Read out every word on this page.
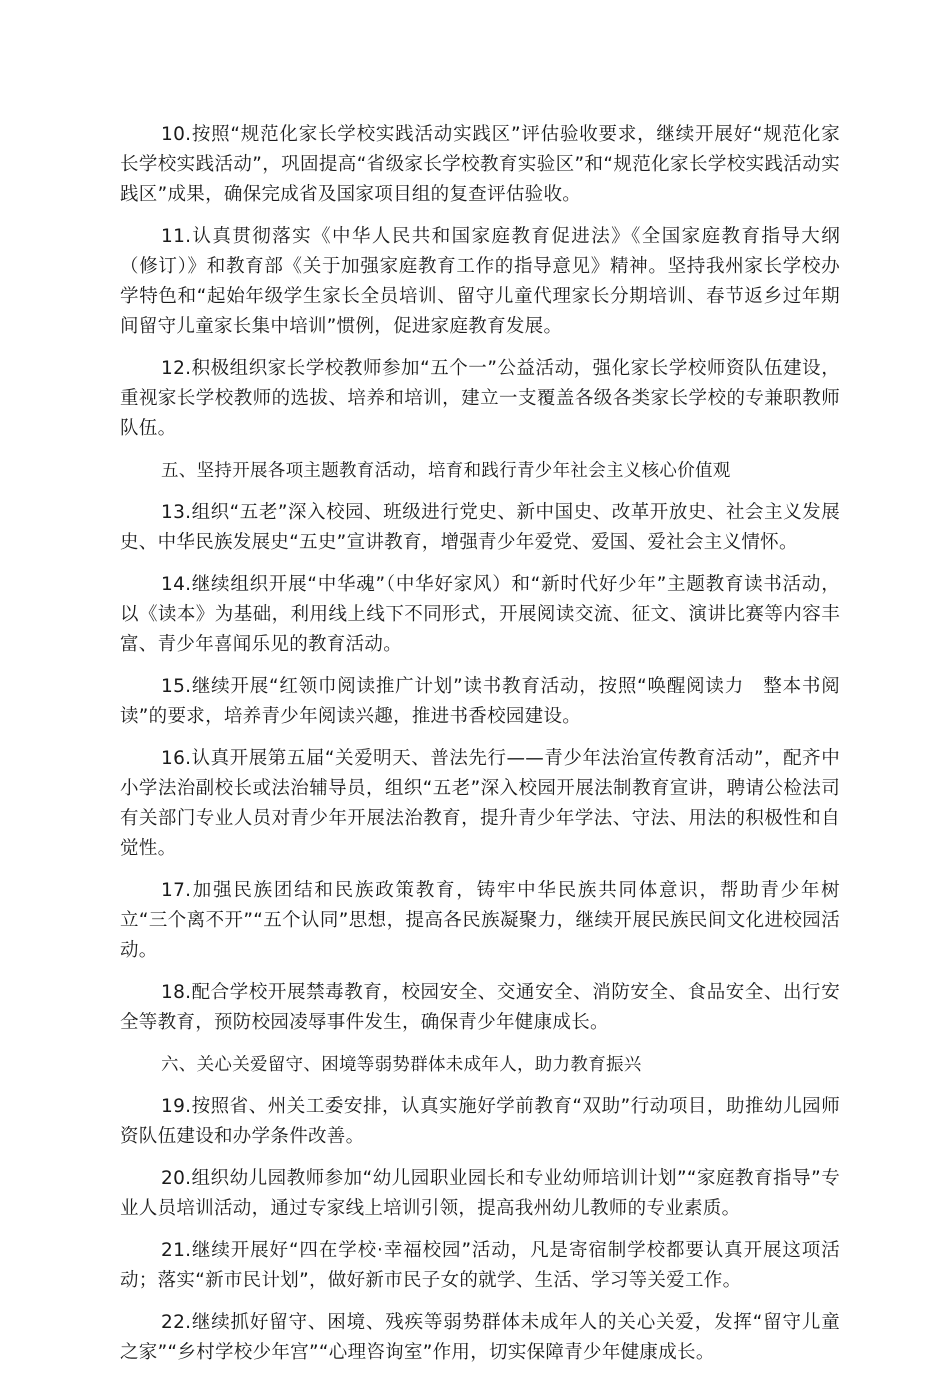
10.按照“规范化家长学校实践活动实践区”评估验收要求，继续开展好“规范化家长学校实践活动”，巩固提高“省级家长学校教育实验区”和“规范化家长学校实践活动实践区”成果，确保完成省及国家项目组的复查评估验收。

11.认真贯彻落实《中华人民共和国家庭教育促进法》《全国家庭教育指导大纲（修订）》和教育部《关于加强家庭教育工作的指导意见》精神。坚持我州家长学校办学特色和“起始年级学生家长全员培训、留守儿童代理家长分期培训、春节返乡过年期间留守儿童家长集中培训”惯例，促进家庭教育发展。

12.积极组织家长学校教师参加“五个一”公益活动，强化家长学校师资队伍建设，重视家长学校教师的选拔、培养和培训，建立一支覆盖各级各类家长学校的专兼职教师队伍。

五、坚持开展各项主题教育活动，培育和践行青少年社会主义核心价值观

13.组织“五老”深入校园、班级进行党史、新中国史、改革开放史、社会主义发展史、中华民族发展史“五史”宣讲教育，增强青少年爱党、爱国、爱社会主义情怀。

14.继续组织开展“中华魂”（中华好家风）和“新时代好少年”主题教育读书活动，以《读本》为基础，利用线上线下不同形式，开展阅读交流、征文、演讲比赛等内容丰富、青少年喜闻乐见的教育活动。

15.继续开展“红领巾阅读推广计划”读书教育活动，按照“唤醒阅读力　整本书阅读”的要求，培养青少年阅读兴趣，推进书香校园建设。

16.认真开展第五届“关爱明天、普法先行——青少年法治宣传教育活动”，配齐中小学法治副校长或法治辅导员，组织“五老”深入校园开展法制教育宣讲，聘请公检法司有关部门专业人员对青少年开展法治教育，提升青少年学法、守法、用法的积极性和自觉性。

17.加强民族团结和民族政策教育，铸牢中华民族共同体意识，帮助青少年树立“三个离不开”“五个认同”思想，提高各民族凝聚力，继续开展民族民间文化进校园活动。

18.配合学校开展禁毒教育，校园安全、交通安全、消防安全、食品安全、出行安全等教育，预防校园凌辱事件发生，确保青少年健康成长。

六、关心关爱留守、困境等弱势群体未成年人，助力教育振兴

19.按照省、州关工委安排，认真实施好学前教育“双助”行动项目，助推幼儿园师资队伍建设和办学条件改善。

20.组织幼儿园教师参加“幼儿园职业园长和专业幼师培训计划”“家庭教育指导”专业人员培训活动，通过专家线上培训引领，提高我州幼儿教师的专业素质。

21.继续开展好“四在学校·幸福校园”活动，凡是寄宿制学校都要认真开展这项活动；落实“新市民计划”，做好新市民子女的就学、生活、学习等关爱工作。

22.继续抓好留守、困境、残疾等弱势群体未成年人的关心关爱，发挥“留守儿童之家”“乡村学校少年宫”“心理咨询室”作用，切实保障青少年健康成长。
